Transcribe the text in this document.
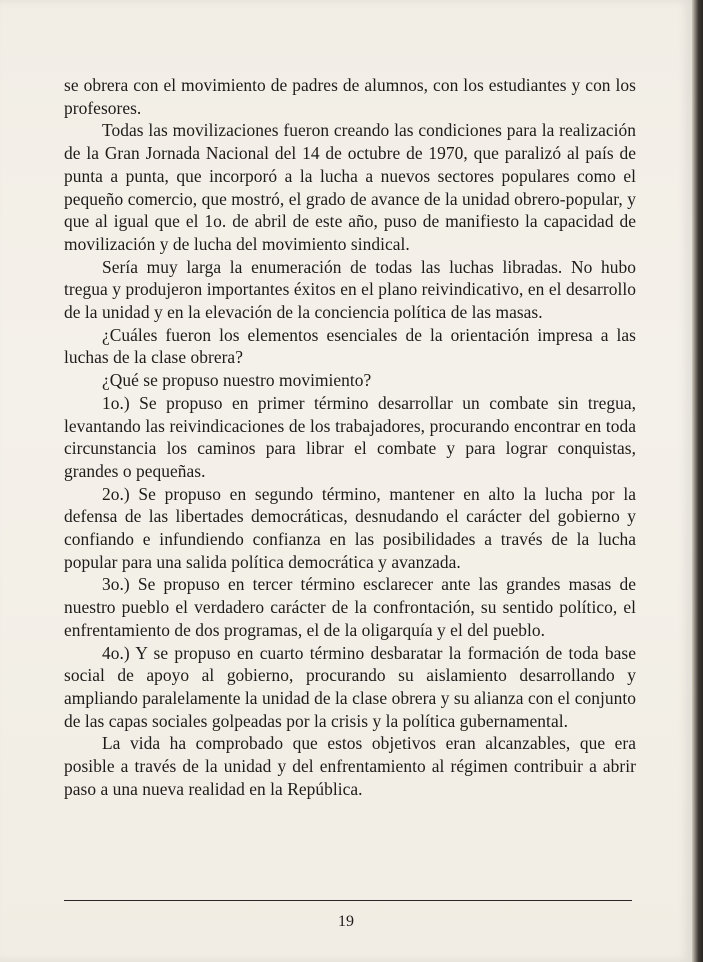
se obrera con el movimiento de padres de alumnos, con los estudiantes y con los profesores.

Todas las movilizaciones fueron creando las condiciones para la realización de la Gran Jornada Nacional del 14 de octubre de 1970, que paralizó al país de punta a punta, que incorporó a la lucha a nuevos sectores populares como el pequeño comercio, que mostró, el grado de avance de la unidad obrero-popular, y que al igual que el 1o. de abril de este año, puso de manifiesto la capacidad de movilización y de lucha del movimiento sindical.

Sería muy larga la enumeración de todas las luchas libradas. No hubo tregua y produjeron importantes éxitos en el plano reivindicativo, en el desarrollo de la unidad y en la elevación de la conciencia política de las masas.

¿Cuáles fueron los elementos esenciales de la orientación impresa a las luchas de la clase obrera?

¿Qué se propuso nuestro movimiento?

1o.) Se propuso en primer término desarrollar un combate sin tregua, levantando las reivindicaciones de los trabajadores, procurando encontrar en toda circunstancia los caminos para librar el combate y para lograr conquistas, grandes o pequeñas.

2o.) Se propuso en segundo término, mantener en alto la lucha por la defensa de las libertades democráticas, desnudando el carácter del gobierno y confiando e infundiendo confianza en las posibilidades a través de la lucha popular para una salida política democrática y avanzada.

3o.) Se propuso en tercer término esclarecer ante las grandes masas de nuestro pueblo el verdadero carácter de la confrontación, su sentido político, el enfrentamiento de dos programas, el de la oligarquía y el del pueblo.

4o.) Y se propuso en cuarto término desbaratar la formación de toda base social de apoyo al gobierno, procurando su aislamiento desarrollando y ampliando paralelamente la unidad de la clase obrera y su alianza con el conjunto de las capas sociales golpeadas por la crisis y la política gubernamental.

La vida ha comprobado que estos objetivos eran alcanzables, que era posible a través de la unidad y del enfrentamiento al régimen contribuir a abrir paso a una nueva realidad en la República.

19
